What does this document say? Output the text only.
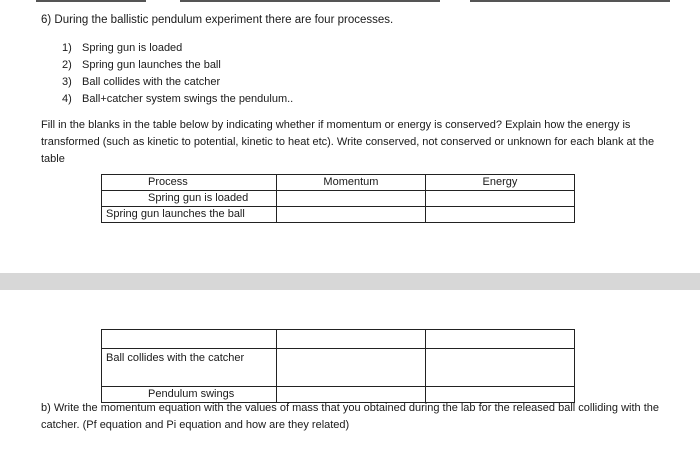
6) During the ballistic pendulum experiment there are four processes.
1) Spring gun is loaded
2) Spring gun launches the ball
3) Ball collides with the catcher
4) Ball+catcher system swings the pendulum..
Fill in the blanks in the table below by indicating whether if momentum or energy is conserved? Explain how the energy is transformed (such as kinetic to potential, kinetic to heat etc). Write conserved, not conserved or unknown for each blank at the table
Process	Momentum	Energy
Spring gun is loaded		
Spring gun launches the ball		

Ball collides with the catcher		
Pendulum swings		
b) Write the momentum equation with the values of mass that you obtained during the lab for the released ball colliding with the catcher. (Pf equation and Pi equation and how are they related)
